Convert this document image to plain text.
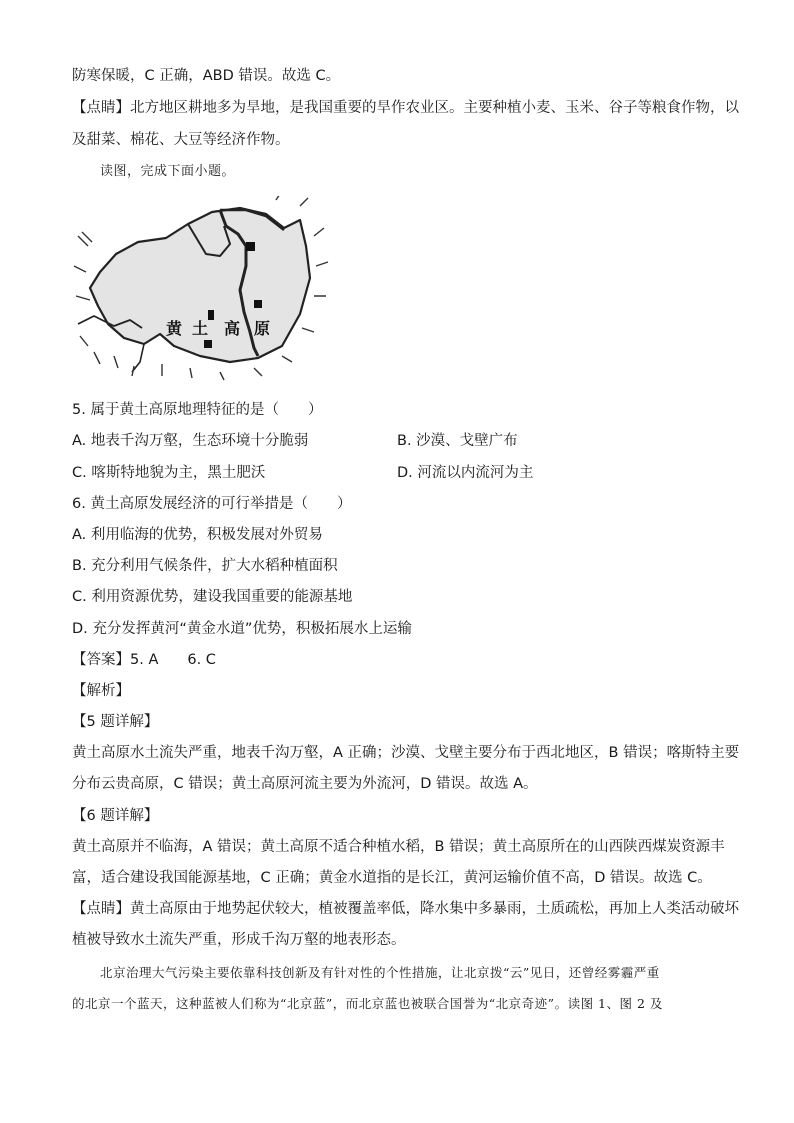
防寒保暖，C 正确，ABD 错误。故选 C。
【点睛】北方地区耕地多为旱地，是我国重要的旱作农业区。主要种植小麦、玉米、谷子等粮食作物，以
及甜菜、棉花、大豆等经济作物。
读图，完成下面小题。
黄 土 高 原
5. 属于黄土高原地理特征的是（　　）
A. 地表千沟万壑，生态环境十分脆弱	B. 沙漠、戈壁广布
C. 喀斯特地貌为主，黑土肥沃	D. 河流以内流河为主
6. 黄土高原发展经济的可行举措是（　　）
A. 利用临海的优势，积极发展对外贸易
B. 充分利用气候条件，扩大水稻种植面积
C. 利用资源优势，建设我国重要的能源基地
D. 充分发挥黄河“黄金水道”优势，积极拓展水上运输
【答案】5. A　　6. C
【解析】
【5 题详解】
黄土高原水土流失严重，地表千沟万壑，A 正确；沙漠、戈壁主要分布于西北地区，B 错误；喀斯特主要
分布云贵高原，C 错误；黄土高原河流主要为外流河，D 错误。故选 A。
【6 题详解】
黄土高原并不临海，A 错误；黄土高原不适合种植水稻，B 错误；黄土高原所在的山西陕西煤炭资源丰
富，适合建设我国能源基地，C 正确；黄金水道指的是长江，黄河运输价值不高，D 错误。故选 C。
【点睛】黄土高原由于地势起伏较大，植被覆盖率低，降水集中多暴雨，土质疏松，再加上人类活动破坏
植被导致水土流失严重，形成千沟万壑的地表形态。
北京治理大气污染主要依靠科技创新及有针对性的个性措施，让北京拨“云”见日，还曾经雾霾严重
的北京一个蓝天，这种蓝被人们称为“北京蓝”，而北京蓝也被联合国誉为“北京奇迹”。读图 1、图 2 及
